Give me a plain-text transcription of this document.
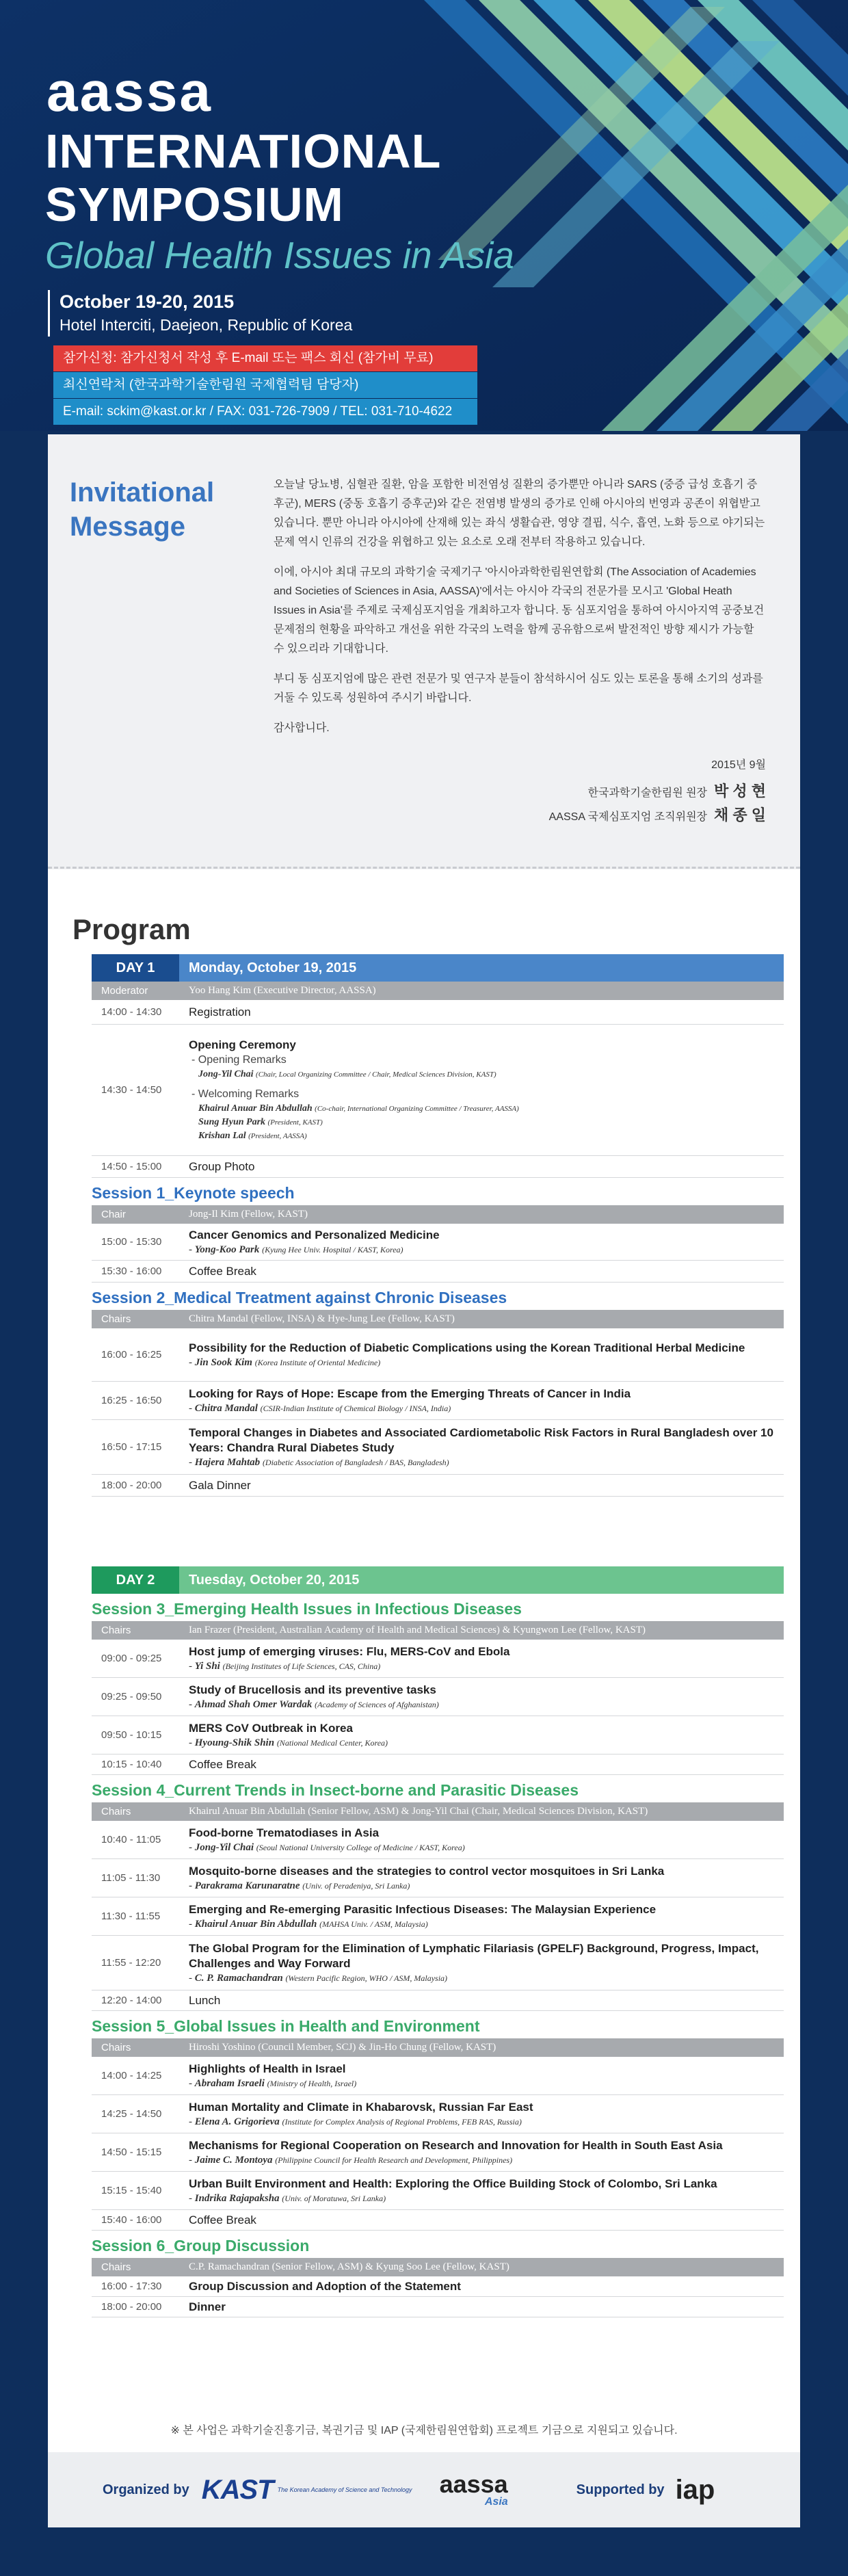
aassa
INTERNATIONAL
SYMPOSIUM
Global Health Issues in Asia
October 19-20, 2015
Hotel Interciti, Daejeon, Republic of Korea
참가신청: 참가신청서 작성 후 E-mail 또는 팩스 회신 (참가비 무료)
최신연락처 (한국과학기술한림원 국제협력팀 담당자)
E-mail: sckim@kast.or.kr / FAX: 031-726-7909 / TEL: 031-710-4622
Invitational
Message

오늘날 당뇨병, 심혈관 질환, 암을 포함한 비전염성 질환의 증가뿐만 아니라 SARS (중증 급성 호흡기 증후군), MERS (중동 호흡기 증후군)와 같은 전염병 발생의 증가로 인해 아시아의 번영과 공존이 위협받고 있습니다. 뿐만 아니라 아시아에 산재해 있는 좌식 생활습관, 영양 결핍, 식수, 흡연, 노화 등으로 야기되는 문제 역시 인류의 건강을 위협하고 있는 요소로 오래 전부터 작용하고 있습니다.

이에, 아시아 최대 규모의 과학기술 국제기구 '아시아과학한림원연합회 (The Association of Academies and Societies of Sciences in Asia, AASSA)'에서는 아시아 각국의 전문가를 모시고 'Global Heath Issues in Asia'를 주제로 국제심포지엄을 개최하고자 합니다. 동 심포지엄을 통하여 아시아지역 공중보건 문제점의 현황을 파악하고 개선을 위한 각국의 노력을 함께 공유함으로써 발전적인 방향 제시가 가능할 수 있으리라 기대합니다.

부디 동 심포지엄에 많은 관련 전문가 및 연구자 분들이 참석하시어 심도 있는 토론을 통해 소기의 성과를 거둘 수 있도록 성원하여 주시기 바랍니다.

감사합니다.

2015년 9월
한국과학기술한림원 원장 박 성 현
AASSA 국제심포지엄 조직위원장 채 종 일
Program
DAY 1	Monday, October 19, 2015
Moderator	Yoo Hang Kim (Executive Director, AASSA)
14:00 - 14:30	Registration
14:30 - 14:50
Opening Ceremony
- Opening Remarks
Jong-Yil Chai (Chair, Local Organizing Committee / Chair, Medical Sciences Division, KAST)
- Welcoming Remarks
Khairul Anuar Bin Abdullah (Co-chair, International Organizing Committee / Treasurer, AASSA)
Sung Hyun Park (President, KAST)
Krishan Lal (President, AASSA)
14:50 - 15:00	Group Photo
Session 1_Keynote speech
Chair	Jong-Il Kim (Fellow, KAST)
15:00 - 15:30
Cancer Genomics and Personalized Medicine
- Yong-Koo Park (Kyung Hee Univ. Hospital / KAST, Korea)
15:30 - 16:00	Coffee Break
Session 2_Medical Treatment against Chronic Diseases
Chairs	Chitra Mandal (Fellow, INSA) & Hye-Jung Lee (Fellow, KAST)
16:00 - 16:25
Possibility for the Reduction of Diabetic Complications using the Korean Traditional Herbal Medicine
- Jin Sook Kim (Korea Institute of Oriental Medicine)
16:25 - 16:50
Looking for Rays of Hope: Escape from the Emerging Threats of Cancer in India
- Chitra Mandal (CSIR-Indian Institute of Chemical Biology / INSA, India)
16:50 - 17:15
Temporal Changes in Diabetes and Associated Cardiometabolic Risk Factors in Rural Bangladesh over 10 Years: Chandra Rural Diabetes Study
- Hajera Mahtab (Diabetic Association of Bangladesh / BAS, Bangladesh)
18:00 - 20:00	Gala Dinner
DAY 2	Tuesday, October 20, 2015
Session 3_Emerging Health Issues in Infectious Diseases
Chairs	Ian Frazer (President, Australian Academy of Health and Medical Sciences) & Kyungwon Lee (Fellow, KAST)
09:00 - 09:25
Host jump of emerging viruses: Flu, MERS-CoV and Ebola
- Yi Shi (Beijing Institutes of Life Sciences, CAS, China)
09:25 - 09:50
Study of Brucellosis and its preventive tasks
- Ahmad Shah Omer Wardak (Academy of Sciences of Afghanistan)
09:50 - 10:15
MERS CoV Outbreak in Korea
- Hyoung-Shik Shin (National Medical Center, Korea)
10:15 - 10:40	Coffee Break
Session 4_Current Trends in Insect-borne and Parasitic Diseases
Chairs	Khairul Anuar Bin Abdullah (Senior Fellow, ASM) & Jong-Yil Chai (Chair, Medical Sciences Division, KAST)
10:40 - 11:05
Food-borne Trematodiases in Asia
- Jong-Yil Chai (Seoul National University College of Medicine / KAST, Korea)
11:05 - 11:30
Mosquito-borne diseases and the strategies to control vector mosquitoes in Sri Lanka
- Parakrama Karunaratne (Univ. of Peradeniya, Sri Lanka)
11:30 - 11:55
Emerging and Re-emerging Parasitic Infectious Diseases: The Malaysian Experience
- Khairul Anuar Bin Abdullah (MAHSA Univ. / ASM, Malaysia)
11:55 - 12:20
The Global Program for the Elimination of Lymphatic Filariasis (GPELF) Background, Progress, Impact, Challenges and Way Forward
- C. P. Ramachandran (Western Pacific Region, WHO / ASM, Malaysia)
12:20 - 14:00	Lunch
Session 5_Global Issues in Health and Environment
Chairs	Hiroshi Yoshino (Council Member, SCJ) & Jin-Ho Chung (Fellow, KAST)
14:00 - 14:25
Highlights of Health in Israel
- Abraham Israeli (Ministry of Health, Israel)
14:25 - 14:50
Human Mortality and Climate in Khabarovsk, Russian Far East
- Elena A. Grigorieva (Institute for Complex Analysis of Regional Problems, FEB RAS, Russia)
14:50 - 15:15
Mechanisms for Regional Cooperation on Research and Innovation for Health in South East Asia
- Jaime C. Montoya (Philippine Council for Health Research and Development, Philippines)
15:15 - 15:40
Urban Built Environment and Health: Exploring the Office Building Stock of Colombo, Sri Lanka
- Indrika Rajapaksha (Univ. of Moratuwa, Sri Lanka)
15:40 - 16:00	Coffee Break
Session 6_Group Discussion
Chairs	C.P. Ramachandran (Senior Fellow, ASM) & Kyung Soo Lee (Fellow, KAST)
16:00 - 17:30	Group Discussion and Adoption of the Statement
18:00 - 20:00	Dinner
※ 본 사업은 과학기술진흥기금, 복권기금 및 IAP (국제한림원연합회) 프로젝트 기금으로 지원되고 있습니다.
Organized by KAST The Korean Academy of Science and Technology aassa
Asia
Supported by iap
